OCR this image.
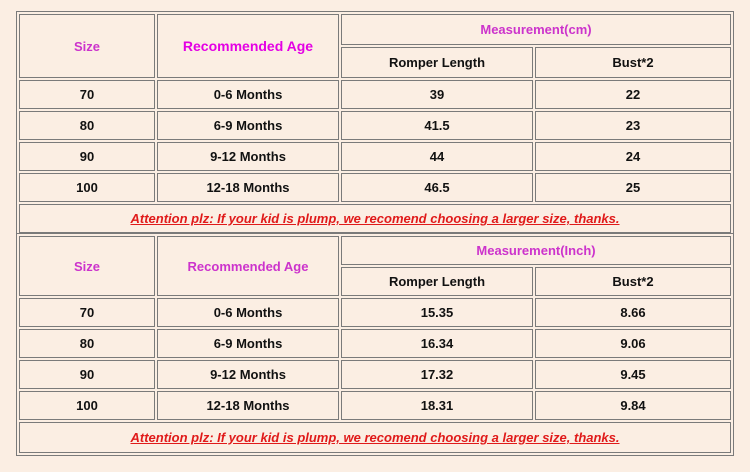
Size	Recommended Age	Measurement(cm)	
		Romper Length	Bust*2
70	0-6 Months	39	22
80	6-9 Months	41.5	23
90	9-12 Months	44	24
100	12-18 Months	46.5	25
Attention plz: If your kid is plump, we recomend choosing a larger size, thanks.			
Size	Recommended Age	Measurement(Inch)	
		Romper Length	Bust*2
70	0-6 Months	15.35	8.66
80	6-9 Months	16.34	9.06
90	9-12 Months	17.32	9.45
100	12-18 Months	18.31	9.84
Attention plz: If your kid is plump, we recomend choosing a larger size, thanks.			
